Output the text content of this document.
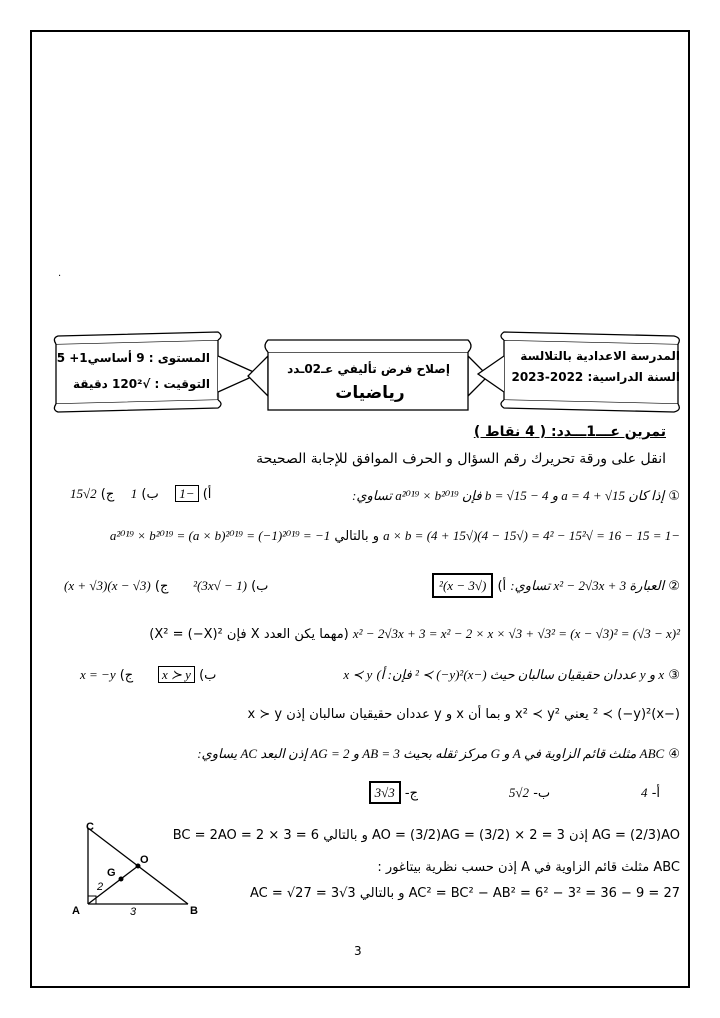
.
المدرسة الاعدادية بالتلالسة
السنة الدراسية: 2022-2023
إصلاح فرض تأليفي عـ02ـدد
رياضيات
المستوى : 9 أساسي1+ 5
التوقيت : √120² دقيقة
تمرين عـــ1ـــدد: ( 4 نقاط )
انقل على ورقة تحريرك رقم السؤال و الحرف الموافق للإجابة الصحيحة
① إذا كان a = 4 + √15 و b = √15 − 4 فإن a²⁰¹⁹ × b²⁰¹⁹ تساوي:
أ) −1    ب) 1    ج) 2√15
−1 = 15 − 16 = √15² − 4² = (√15 − 4)(√15 + 4) = a × b و بالتالي a²⁰¹⁹ × b²⁰¹⁹ = (a × b)²⁰¹⁹ = (−1)²⁰¹⁹ = −1
② العبارة x² − 2√3x + 3 تساوي: أ) (√3 − x)²
ب) (1 − √3x)²      ج) (x − √3)(x + √3)
x² − 2√3x + 3 = x² − 2 × x × √3 + √3² = (x − √3)² = (√3 − x)² (مهما يكن العدد X فإن X² = (−X)²)
③ x و y عددان حقيقيان سالبان حيث (−x)² ≺ (−y)² فإن: أ) x ≺ y
ب) x ≻ y      ج) x = −y
(−x)² ≺ (−y)² يعني x² ≺ y² و بما أن x و y عددان حقيقيان سالبان إذن x ≻ y
④ ABC مثلث قائم الزاوية في A و G مركز ثقله بحيث AB = 3 و AG = 2 إذن البعد AC يساوي:
أ- 4                      ب- 2√5                      ج- 3√3
AG = (2/3)AO إذن AO = (3/2)AG = (3/2) × 2 = 3 و بالتالي BC = 2AO = 2 × 3 = 6
ABC مثلث قائم الزاوية في A إذن حسب نظرية بيتاغور :
AC² = BC² − AB² = 6² − 3² = 36 − 9 = 27 و بالتالي AC = √27 = 3√3
C
O
G
A	B
2
3
3
